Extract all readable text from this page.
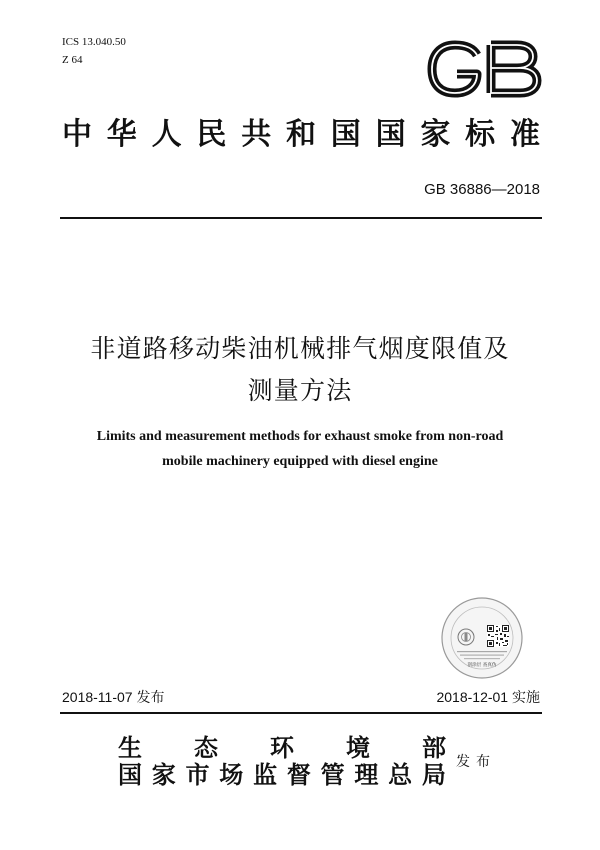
ICS 13.040.50
Z 64
中 华 人 民 共 和 国 国 家 标 准
GB 36886—2018
非道路移动柴油机械排气烟度限值及
测量方法
Limits and measurement methods for exhaust smoke from non-road
mobile machinery equipped with diesel engine
刮涂层 查真伪
2018-11-07 发布	2018-12-01 实施
生 态 环 境 部
国 家 市 场 监 督 管 理 总 局 发布
